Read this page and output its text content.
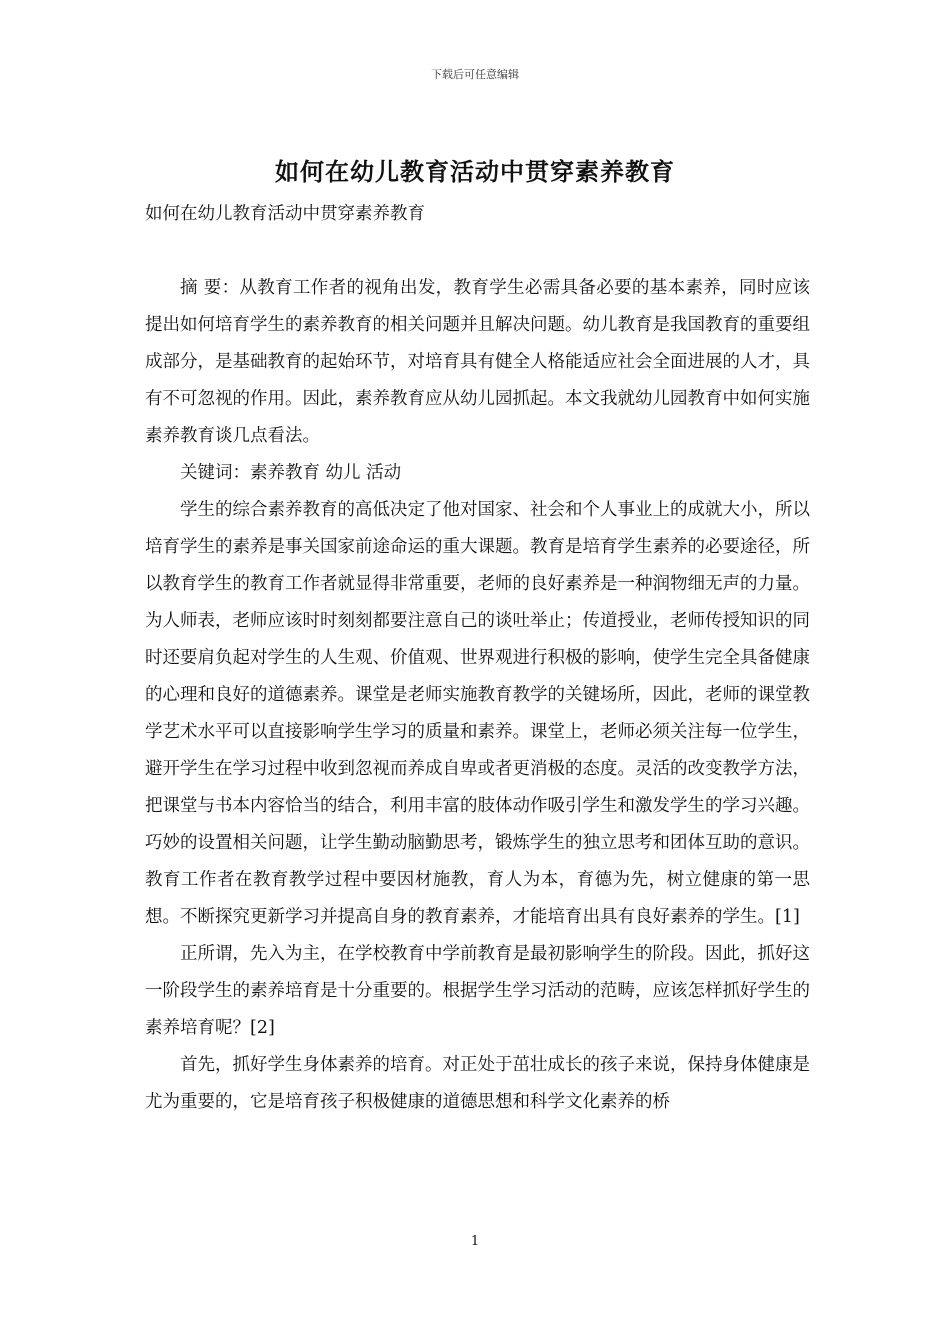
下载后可任意编辑
如何在幼儿教育活动中贯穿素养教育
如何在幼儿教育活动中贯穿素养教育

摘 要：从教育工作者的视角出发，教育学生必需具备必要的基本素养，同时应该提出如何培育学生的素养教育的相关问题并且解决问题。幼儿教育是我国教育的重要组成部分，是基础教育的起始环节，对培育具有健全人格能适应社会全面进展的人才，具有不可忽视的作用。因此，素养教育应从幼儿园抓起。本文我就幼儿园教育中如何实施素养教育谈几点看法。

关键词：素养教育 幼儿 活动

学生的综合素养教育的高低决定了他对国家、社会和个人事业上的成就大小，所以培育学生的素养是事关国家前途命运的重大课题。教育是培育学生素养的必要途径，所以教育学生的教育工作者就显得非常重要，老师的良好素养是一种润物细无声的力量。为人师表，老师应该时时刻刻都要注意自己的谈吐举止；传道授业，老师传授知识的同时还要肩负起对学生的人生观、价值观、世界观进行积极的影响，使学生完全具备健康的心理和良好的道德素养。课堂是老师实施教育教学的关键场所，因此，老师的课堂教学艺术水平可以直接影响学生学习的质量和素养。课堂上，老师必须关注每一位学生，避开学生在学习过程中收到忽视而养成自卑或者更消极的态度。灵活的改变教学方法，把课堂与书本内容恰当的结合，利用丰富的肢体动作吸引学生和激发学生的学习兴趣。巧妙的设置相关问题，让学生勤动脑勤思考，锻炼学生的独立思考和团体互助的意识。教育工作者在教育教学过程中要因材施教，育人为本，育德为先，树立健康的第一思想。不断探究更新学习并提高自身的教育素养，才能培育出具有良好素养的学生。[1]

正所谓，先入为主，在学校教育中学前教育是最初影响学生的阶段。因此，抓好这一阶段学生的素养培育是十分重要的。根据学生学习活动的范畴，应该怎样抓好学生的素养培育呢？[2]

首先，抓好学生身体素养的培育。对正处于茁壮成长的孩子来说，保持身体健康是尤为重要的，它是培育孩子积极健康的道德思想和科学文化素养的桥

1
